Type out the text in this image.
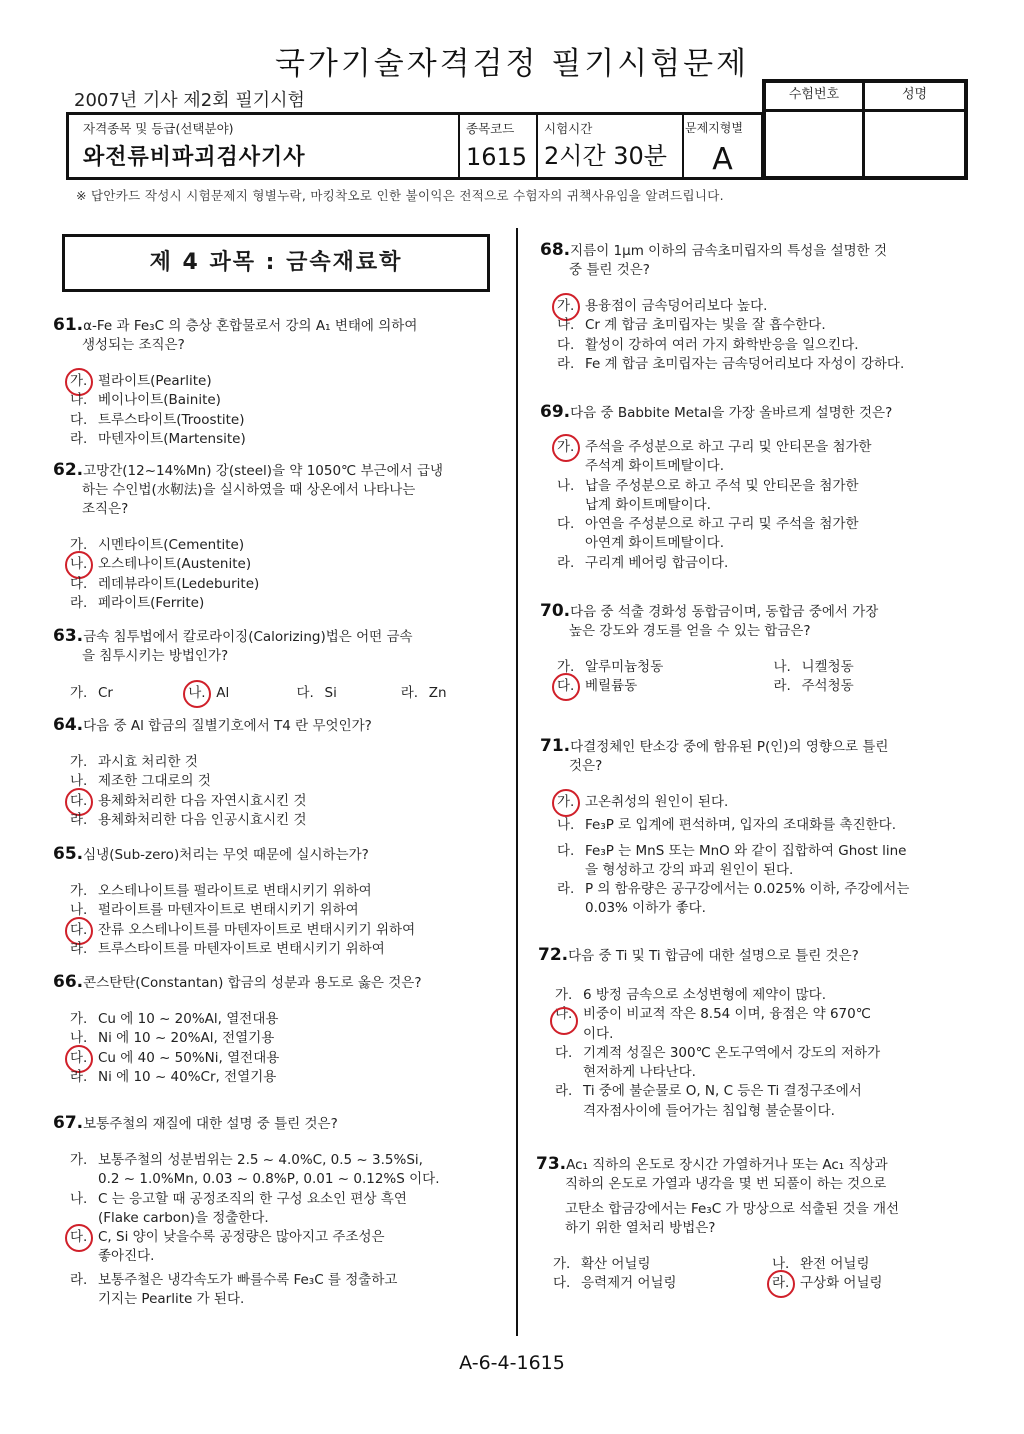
국가기술자격검정 필기시험문제
2007년 기사 제2회 필기시험
자격종목 및 등급(선택분야)
와전류비파괴검사기사
종목코드
1615
시험시간
2시간 30분
문제지형별
A
수험번호	성명
※ 답안카드 작성시 시험문제지 형별누락, 마킹착오로 인한 불이익은 전적으로 수험자의 귀책사유임을 알려드립니다.
제 4 과목 : 금속재료학
61.α-Fe 과 Fe₃C 의 층상 혼합물로서 강의 A₁ 변태에 의하여
생성되는 조직은?
가. 펄라이트(Pearlite)
나. 베이나이트(Bainite)
다. 트루스타이트(Troostite)
라. 마텐자이트(Martensite)
62.고망간(12~14%Mn) 강(steel)을 약 1050℃ 부근에서 급냉
하는 수인법(水靭法)을 실시하였을 때 상온에서 나타나는
조직은?
가. 시멘타이트(Cementite)
나. 오스테나이트(Austenite)
다. 레데뷰라이트(Ledeburite)
라. 페라이트(Ferrite)
63.금속 침투법에서 칼로라이징(Calorizing)법은 어떤 금속
을 침투시키는 방법인가?
가. Cr	나. Al	다. Si	라. Zn
64.다음 중 Al 합금의 질별기호에서 T4 란 무엇인가?
가. 과시효 처리한 것
나. 제조한 그대로의 것
다. 용체화처리한 다음 자연시효시킨 것
라. 용체화처리한 다음 인공시효시킨 것
65.심냉(Sub-zero)처리는 무엇 때문에 실시하는가?
가. 오스테나이트를 펄라이트로 변태시키기 위하여
나. 펄라이트를 마텐자이트로 변태시키기 위하여
다. 잔류 오스테나이트를 마텐자이트로 변태시키기 위하여
라. 트루스타이트를 마텐자이트로 변태시키기 위하여
66.콘스탄탄(Constantan) 합금의 성분과 용도로 옳은 것은?
가. Cu 에 10 ~ 20%Al, 열전대용
나. Ni 에 10 ~ 20%Al, 전열기용
다. Cu 에 40 ~ 50%Ni, 열전대용
라. Ni 에 10 ~ 40%Cr, 전열기용
67.보통주철의 재질에 대한 설명 중 틀린 것은?
가. 보통주철의 성분범위는 2.5 ~ 4.0%C, 0.5 ~ 3.5%Si,
0.2 ~ 1.0%Mn, 0.03 ~ 0.8%P, 0.01 ~ 0.12%S 이다.
나. C 는 응고할 때 공정조직의 한 구성 요소인 편상 흑연
(Flake carbon)을 정출한다.
다. C, Si 양이 낮을수록 공정량은 많아지고 주조성은
좋아진다.
라. 보통주철은 냉각속도가 빠를수록 Fe₃C 를 정출하고
기지는 Pearlite 가 된다.
68.지름이 1μm 이하의 금속초미립자의 특성을 설명한 것
중 틀린 것은?
가. 용융점이 금속덩어리보다 높다.
나. Cr 계 합금 초미립자는 빛을 잘 흡수한다.
다. 활성이 강하여 여러 가지 화학반응을 일으킨다.
라. Fe 계 합금 초미립자는 금속덩어리보다 자성이 강하다.
69.다음 중 Babbite Metal을 가장 올바르게 설명한 것은?
가. 주석을 주성분으로 하고 구리 및 안티몬을 첨가한
주석계 화이트메탈이다.
나. 납을 주성분으로 하고 주석 및 안티몬을 첨가한
납계 화이트메탈이다.
다. 아연을 주성분으로 하고 구리 및 주석을 첨가한
아연계 화이트메탈이다.
라. 구리계 베어링 합금이다.
70.다음 중 석출 경화성 동합금이며, 동합금 중에서 가장
높은 강도와 경도를 얻을 수 있는 합금은?
가. 알루미늄청동	나. 니켈청동
다. 베릴륨동	라. 주석청동
71.다결정체인 탄소강 중에 함유된 P(인)의 영향으로 틀린
것은?
가. 고온취성의 원인이 된다.
나. Fe₃P 로 입계에 편석하며, 입자의 조대화를 촉진한다.
다. Fe₃P 는 MnS 또는 MnO 와 같이 집합하여 Ghost line
을 형성하고 강의 파괴 원인이 된다.
라. P 의 함유량은 공구강에서는 0.025% 이하, 주강에서는
0.03% 이하가 좋다.
72.다음 중 Ti 및 Ti 합금에 대한 설명으로 틀린 것은?
가. 6 방정 금속으로 소성변형에 제약이 많다.
나. 비중이 비교적 작은 8.54 이며, 융점은 약 670℃
이다.
다. 기계적 성질은 300℃ 온도구역에서 강도의 저하가
현저하게 나타난다.
라. Ti 중에 불순물로 O, N, C 등은 Ti 결정구조에서
격자점사이에 들어가는 침입형 불순물이다.
73.Ac₁ 직하의 온도로 장시간 가열하거나 또는 Ac₁ 직상과
직하의 온도로 가열과 냉각을 몇 번 되풀이 하는 것으로
고탄소 합금강에서는 Fe₃C 가 망상으로 석출된 것을 개선
하기 위한 열처리 방법은?
가. 확산 어닐링	나. 완전 어닐링
다. 응력제거 어닐링	라. 구상화 어닐링
A-6-4-1615
